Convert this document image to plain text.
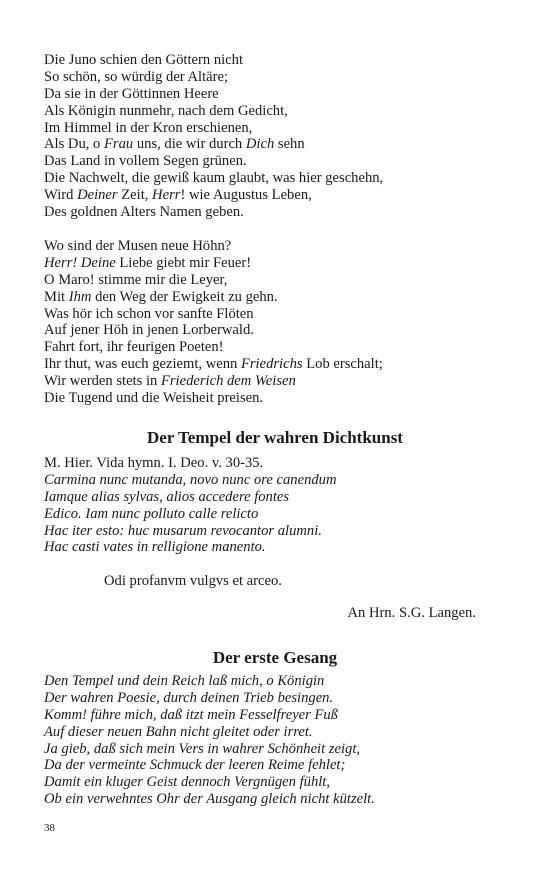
Die Juno schien den Göttern nicht
So schön, so würdig der Altäre;
Da sie in der Göttinnen Heere
Als Königin nunmehr, nach dem Gedicht,
Im Himmel in der Kron erschienen,
Als Du, o Frau uns, die wir durch Dich sehn
Das Land in vollem Segen grünen.
Die Nachwelt, die gewiß kaum glaubt, was hier geschehn,
Wird Deiner Zeit, Herr! wie Augustus Leben,
Des goldnen Alters Namen geben.
Wo sind der Musen neue Höhn?
Herr! Deine Liebe giebt mir Feuer!
O Maro! stimme mir die Leyer,
Mit Ihm den Weg der Ewigkeit zu gehn.
Was hör ich schon vor sanfte Flöten
Auf jener Höh in jenen Lorberwald.
Fahrt fort, ihr feurigen Poeten!
Ihr thut, was euch geziemt, wenn Friedrichs Lob erschalt;
Wir werden stets in Friederich dem Weisen
Die Tugend und die Weisheit preisen.
Der Tempel der wahren Dichtkunst
M. Hier. Vida hymn. I. Deo. v. 30-35.
Carmina nunc mutanda, novo nunc ore canendum
Iamque alias sylvas, alios accedere fontes
Edico. Iam nunc polluto calle relicto
Hac iter esto: huc musarum revocantor alumni.
Hac casti vates in relligione manento.
Odi profanvm vulgvs et arceo.
An Hrn. S.G. Langen.
Der erste Gesang
Den Tempel und dein Reich laß mich, o Königin
Der wahren Poesie, durch deinen Trieb besingen.
Komm! führe mich, daß itzt mein Fesselfreyer Fuß
Auf dieser neuen Bahn nicht gleitet oder irret.
Ja gieb, daß sich mein Vers in wahrer Schönheit zeigt,
Da der vermeinte Schmuck der leeren Reime fehlet;
Damit ein kluger Geist dennoch Vergnügen fühlt,
Ob ein verwehntes Ohr der Ausgang gleich nicht kützelt.
38
